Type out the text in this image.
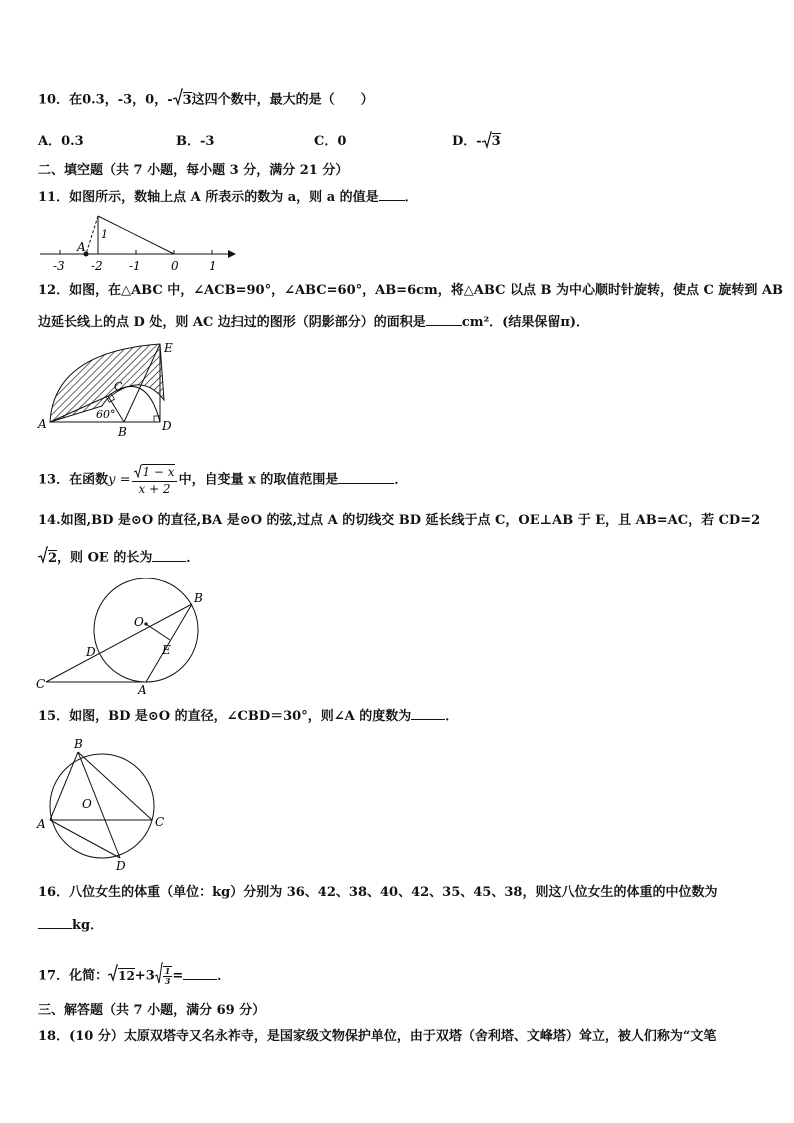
10．在0.3，-3，0，- 3这四个数中，最大的是（　　）
A．0.3	B．-3	C．0	D．- 3
二、填空题（共 7 小题，每小题 3 分，满分 21 分）
11．如图所示，数轴上点 A 所表示的数为 a，则 a 的值是 ．
A
1
-3 -2 -1	0	1
12．如图，在△ABC 中，∠ACB=90°，∠ABC=60°，AB=6cm，将△ABC 以点 B 为中心顺时针旋转，使点 C 旋转到 AB
边延长线上的点 D 处，则 AC 边扫过的图形（阴影部分）的面积是	cm²．(结果保留π)．
A
B
C
D
E
60°
13．在函数$y = \frac{1 - x}{x + 2}$ 中，自变量 x 的取值范围是	．
14.如图,BD 是⊙O 的直径,BA 是⊙O 的弦,过点 A 的切线交 BD 延长线于点 C，OE⊥AB 于 E，且 AB=AC，若 CD=2
2，则 OE 的长为	．
B
O
D	E
C	A
15．如图，BD 是⊙O 的直径，∠CBD＝30°，则∠A 的度数为	．
B
O
A	C
D
16．八位女生的体重（单位：kg）分别为 36、42、38、40、42、35、45、38，则这八位女生的体重的中位数为
kg．
17．化简： $12+3 \frac{1}{3}$ =	．
三、解答题（共 7 小题，满分 69 分）
18．(10 分）太原双塔寺又名永祚寺，是国家级文物保护单位，由于双塔（舍利塔、文峰塔）耸立，被人们称为“文笔
